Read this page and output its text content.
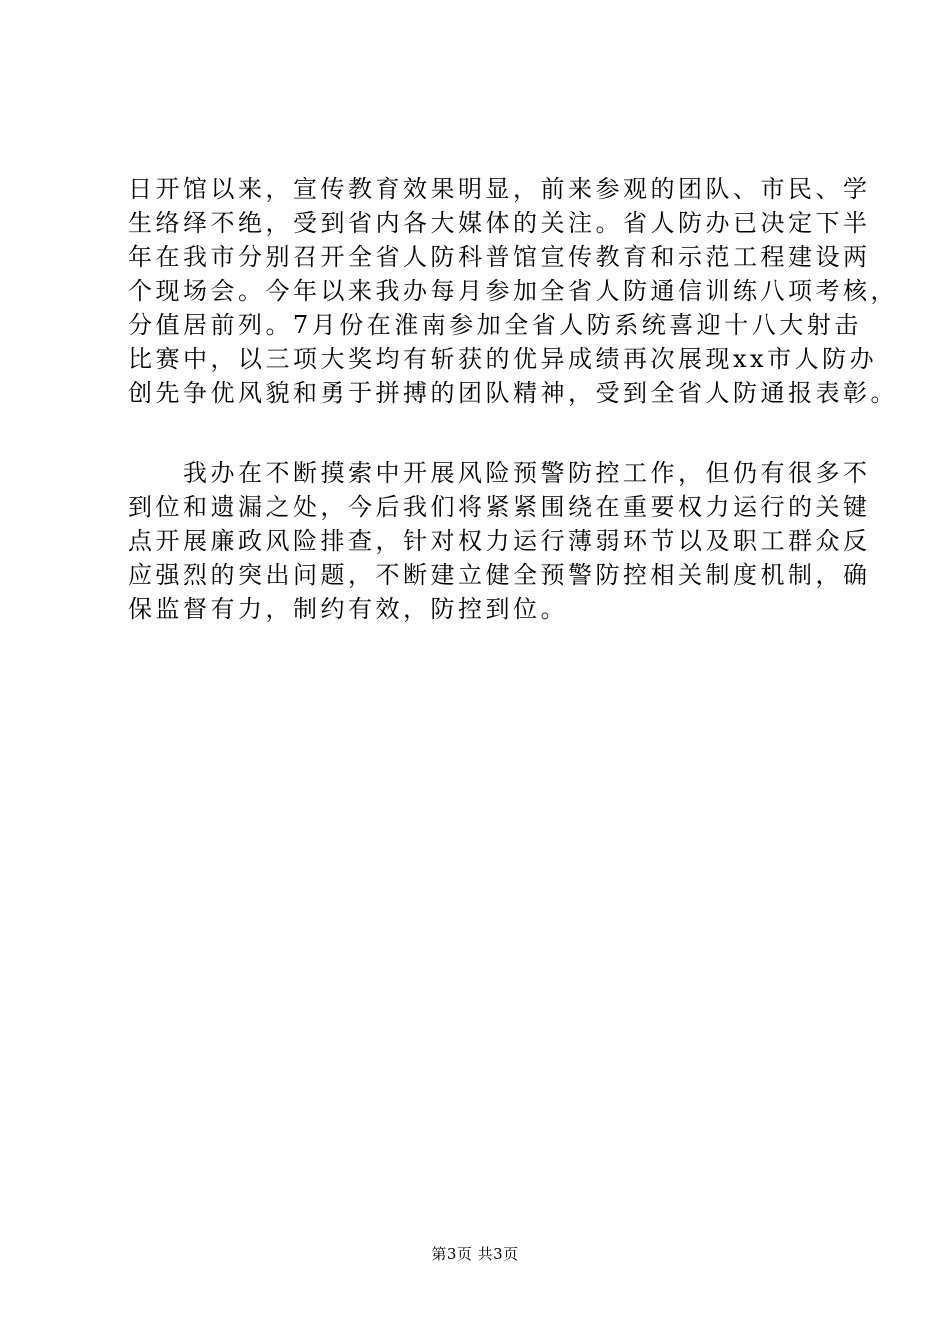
日开馆以来，宣传教育效果明显，前来参观的团队、市民、学
生络绎不绝，受到省内各大媒体的关注。省人防办已决定下半
年在我市分别召开全省人防科普馆宣传教育和示范工程建设两
个现场会。今年以来我办每月参加全省人防通信训练八项考核，
分值居前列。7月份在淮南参加全省人防系统喜迎十八大射击
比赛中，以三项大奖均有斩获的优异成绩再次展现xx市人防办
创先争优风貌和勇于拼搏的团队精神，受到全省人防通报表彰。

　　我办在不断摸索中开展风险预警防控工作，但仍有很多不
到位和遗漏之处，今后我们将紧紧围绕在重要权力运行的关键
点开展廉政风险排查，针对权力运行薄弱环节以及职工群众反
应强烈的突出问题，不断建立健全预警防控相关制度机制，确
保监督有力，制约有效，防控到位。

第3页 共3页
